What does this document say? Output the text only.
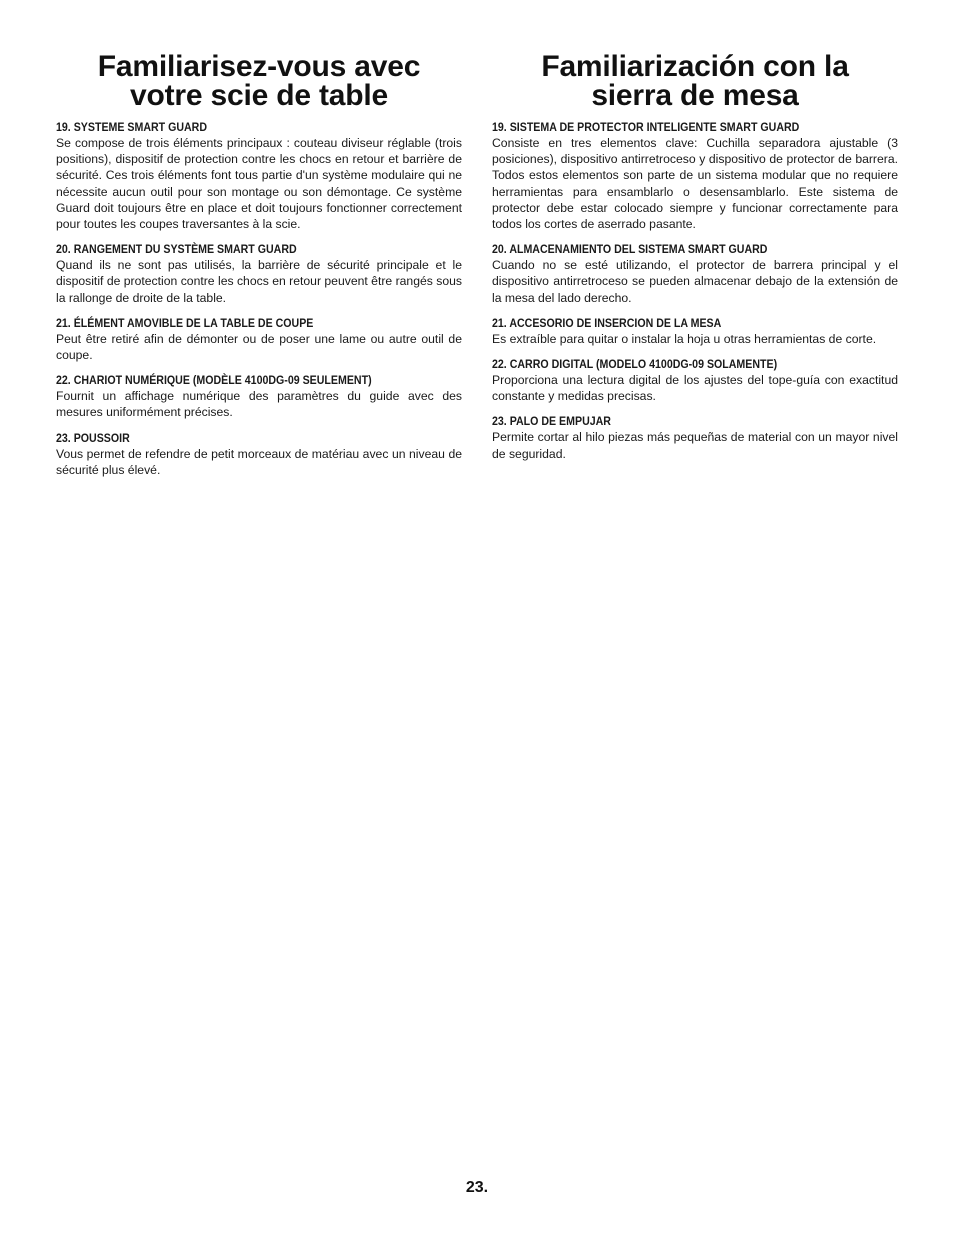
Familiarisez-vous avec
votre scie de table

19. SYSTEME SMART GUARD

Se compose de trois éléments principaux : couteau diviseur réglable (trois positions), dispositif de protection contre les chocs en retour et barrière de sécurité. Ces trois éléments font tous partie d'un système modulaire qui ne nécessite aucun outil pour son montage ou son démontage. Ce système Guard doit toujours être en place et doit toujours fonctionner correctement pour toutes les coupes traversantes à la scie.

20. RANGEMENT DU SYSTÈME SMART GUARD

Quand ils ne sont pas utilisés, la barrière de sécurité principale et le dispositif de protection contre les chocs en retour peuvent être rangés sous la rallonge de droite de la table.

21. ÉLÉMENT AMOVIBLE DE LA TABLE DE COUPE

Peut être retiré afin de démonter ou de poser une lame ou autre outil de coupe.

22. CHARIOT NUMÉRIQUE (MODÈLE 4100DG-09 SEULEMENT)

Fournit un affichage numérique des paramètres du guide avec des mesures uniformément précises.

23. POUSSOIR

Vous permet de refendre de petit morceaux de matériau avec un niveau de sécurité plus élevé.

Familiarización con la
sierra de mesa

19. SISTEMA DE PROTECTOR INTELIGENTE SMART GUARD

Consiste en tres elementos clave: Cuchilla separadora ajustable (3 posiciones), dispositivo antirretroceso y dispositivo de protector de barrera. Todos estos elementos son parte de un sistema modular que no requiere herramientas para ensamblarlo o desensamblarlo. Este sistema de protector debe estar colocado siempre y funcionar correctamente para todos los cortes de aserrado pasante.

20. ALMACENAMIENTO DEL SISTEMA SMART GUARD

Cuando no se esté utilizando, el protector de barrera principal y el dispositivo antirretroceso se pueden almacenar debajo de la extensión de la mesa del lado derecho.

21. ACCESORIO DE INSERCION DE LA MESA

Es extraíble para quitar o instalar la hoja u otras herramientas de corte.

22. CARRO DIGITAL (MODELO 4100DG-09 SOLAMENTE)

Proporciona una lectura digital de los ajustes del tope-guía con exactitud constante y medidas precisas.

23. PALO DE EMPUJAR

Permite cortar al hilo piezas más pequeñas de material con un mayor nivel de seguridad.

23.
